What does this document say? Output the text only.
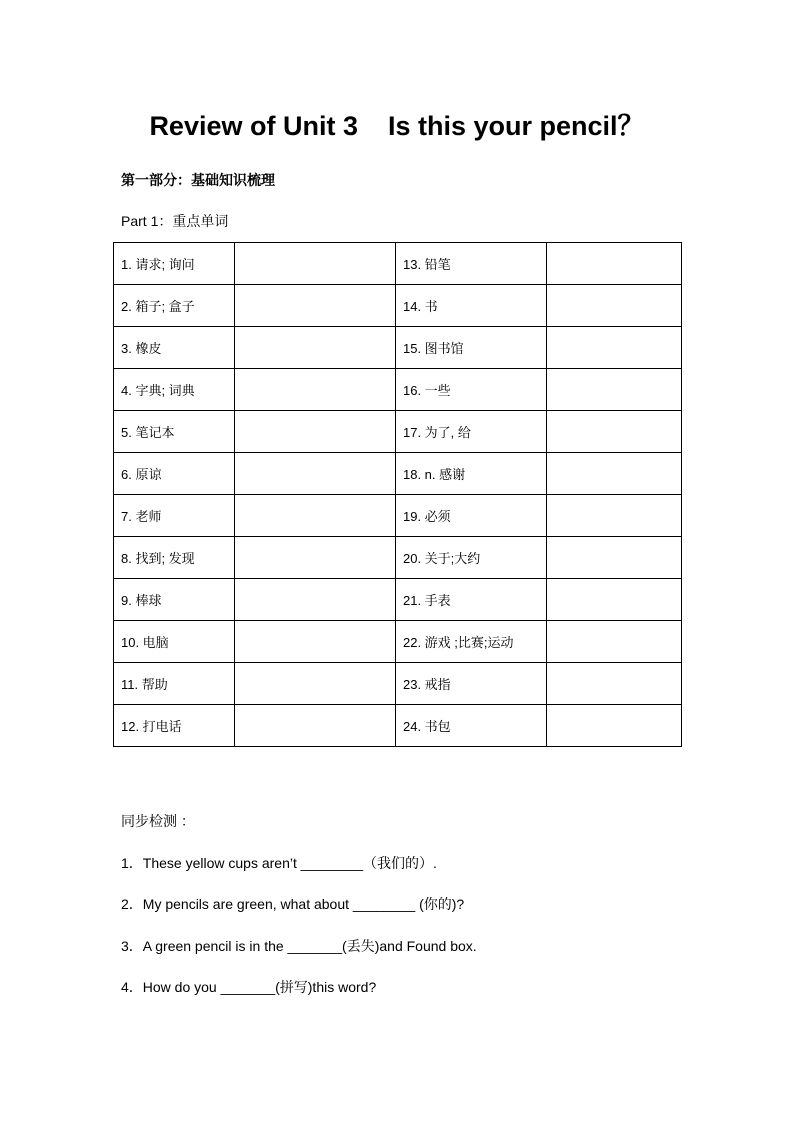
Review of Unit 3    Is this your pencil？
第一部分：基础知识梳理
Part 1：重点单词
1. 请求; 询问		13. 铅笔	
2. 箱子; 盒子		14. 书	
3. 橡皮		15. 图书馆	
4. 字典; 词典		16. 一些	
5. 笔记本		17. 为了, 给	
6. 原谅		18. n. 感谢	
7. 老师		19. 必须	
8. 找到; 发现		20. 关于;大约	
9. 棒球		21. 手表	
10. 电脑		22. 游戏 ;比赛;运动	
11. 帮助		23. 戒指	
12. 打电话		24. 书包	
同步检测 ：
1．These yellow cups aren’t ________（我们的）.
2．My pencils are green, what about ________ (你的)?
3．A green pencil is in the _______(丢失)and Found box.
4．How do you _______(拼写)this word?
